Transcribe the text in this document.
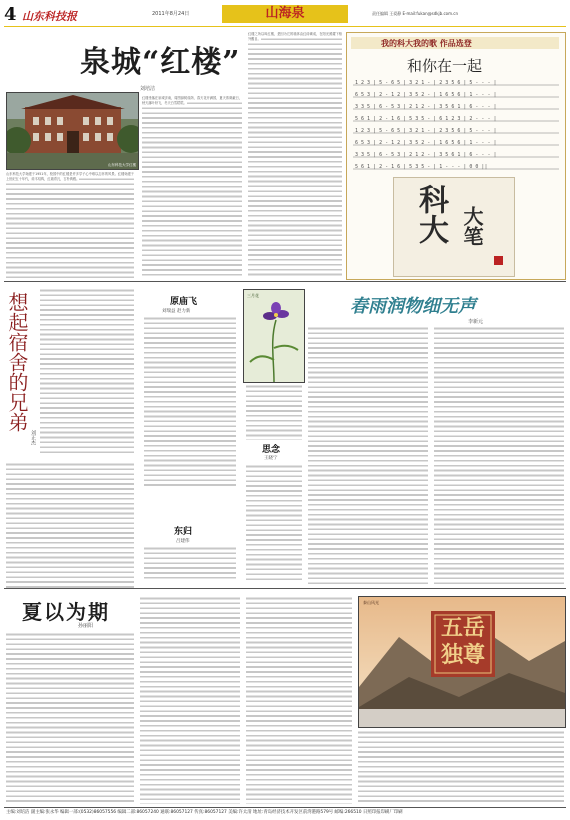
4 山东科技报	2011年8月24日	山海泉	责任编辑 王爱静 E-mail:fukan@sdkjb.com.cn
泉城“红楼”
刘培洁
山东科技大学红楼
山东科技大学始建于1951年，校园中的红楼是许多学子心中难以忘怀的风景。红楼始建于上世纪五十年代，砖木结构，红墙青瓦，古朴典雅。
红楼坐落在泉城济南，周围绿树成荫，春天花开满园，夏天浓荫蔽日，秋天落叶纷飞，冬天白雪皑皑。
红楼之所以叫红楼，是因为它的墙体由红砖砌成，在阳光照耀下格外醒目。	我的科大我的歌 作品选登
和你在一起
1 2 3 | 5 - 6 5 | 3 2 1 - | 2 3 5 6 | 5 - - - |
6 5 3 | 2 - 1 2 | 3 5 2 - | 1 6 5 6 | 1 - - - |
3 3 5 | 6 - 5 3 | 2 1 2 - | 3 5 6 1 | 6 - - - |
5 6 1 | 2 - 1 6 | 5 3 5 - | 6 1 2 3 | 2 - - - |
1 2 3 | 5 - 6 5 | 3 2 1 - | 2 3 5 6 | 5 - - - |
6 5 3 | 2 - 1 2 | 3 5 2 - | 1 6 5 6 | 1 - - - |
3 3 5 | 6 - 5 3 | 2 1 2 - | 3 5 6 1 | 6 - - - |
5 6 1 | 2 - 1 6 | 5 3 5 - | 1 - - - | 0 0 ||
科大 大笔
想起宿舍的兄弟
刘正杰
原庙飞
刘瑞益 赵力新
东归
吕建伟
三月花
思念
王晓宁
春雨润物细无声
李新元
夏以为期
孙丽阳	五岳独尊
泰山风光
主编:刘培洁 副主编:张永华 编辑一部:(0532)86057556 编辑二部:86057240 通联:86057127 传真:86057127 美编:许太清 地址:青岛经济技术开发区前湾港路579号 邮编:266510 日照印报印刷厂印刷
